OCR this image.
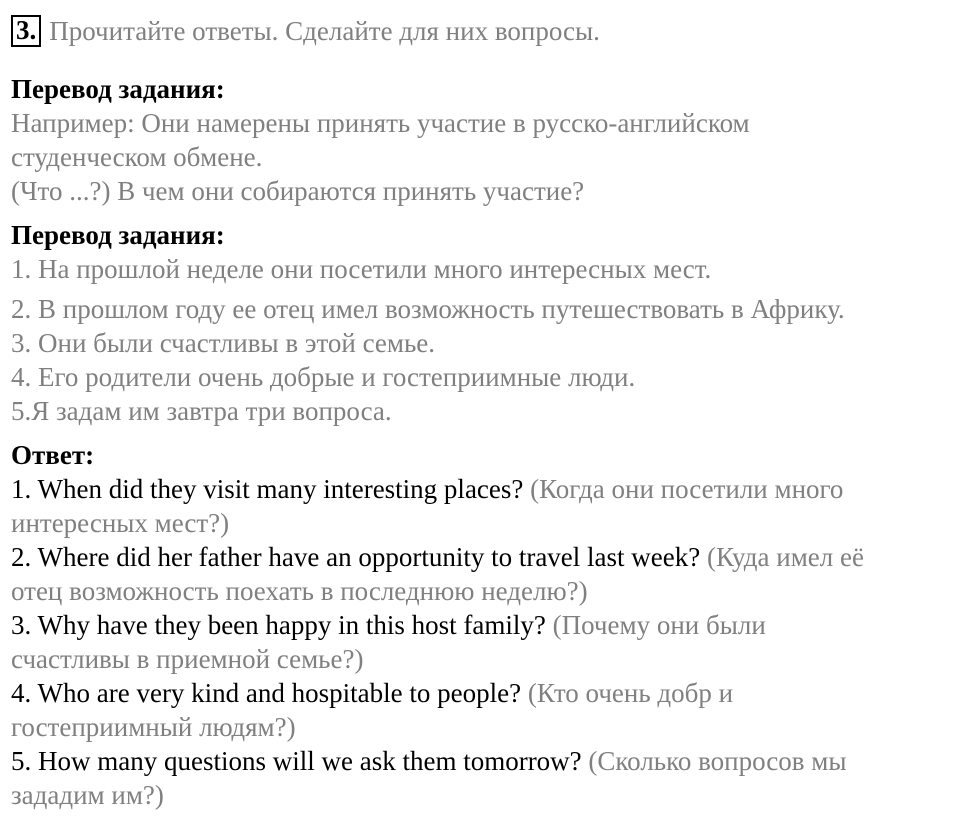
3. Прочитайте ответы. Сделайте для них вопросы.
Перевод задания:
Например: Они намерены принять участие в русско-английском
студенческом обмене.
(Что ...?) В чем они собираются принять участие?
Перевод задания:
1. На прошлой неделе они посетили много интересных мест.
2. В прошлом году ее отец имел возможность путешествовать в Африку.
3. Они были счастливы в этой семье.
4. Его родители очень добрые и гостеприимные люди.
5.Я задам им завтра три вопроса.
Ответ:
1. When did they visit many interesting places? (Когда они посетили много
интересных мест?)
2. Where did her father have an opportunity to travel last week? (Куда имел её
отец возможность поехать в последнюю неделю?)
3. Why have they been happy in this host family? (Почему они были
счастливы в приемной семье?)
4. Who are very kind and hospitable to people? (Кто очень добр и
гостеприимный людям?)
5. How many questions will we ask them tomorrow? (Сколько вопросов мы
зададим им?)
